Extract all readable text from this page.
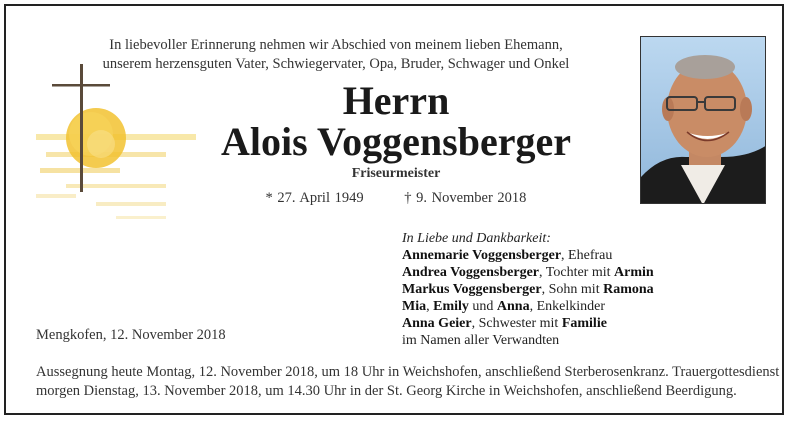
In liebevoller Erinnerung nehmen wir Abschied von meinem lieben Ehemann,
unserem herzensguten Vater, Schwiegervater, Opa, Bruder, Schwager und Onkel
Herrn
Alois Voggensberger
Friseurmeister
* 27. April 1949	† 9. November 2018
In Liebe und Dankbarkeit:
Annemarie Voggensberger, Ehefrau
Andrea Voggensberger, Tochter mit Armin
Markus Voggensberger, Sohn mit Ramona
Mia, Emily und Anna, Enkelkinder
Anna Geier, Schwester mit Familie
im Namen aller Verwandten
Mengkofen, 12. November 2018
Aussegnung heute Montag, 12. November 2018, um 18 Uhr in Weichshofen, anschließend Sterberosenkranz. Trauergottesdienst
morgen Dienstag, 13. November 2018, um 14.30 Uhr in der St. Georg Kirche in Weichshofen, anschließend Beerdigung.
